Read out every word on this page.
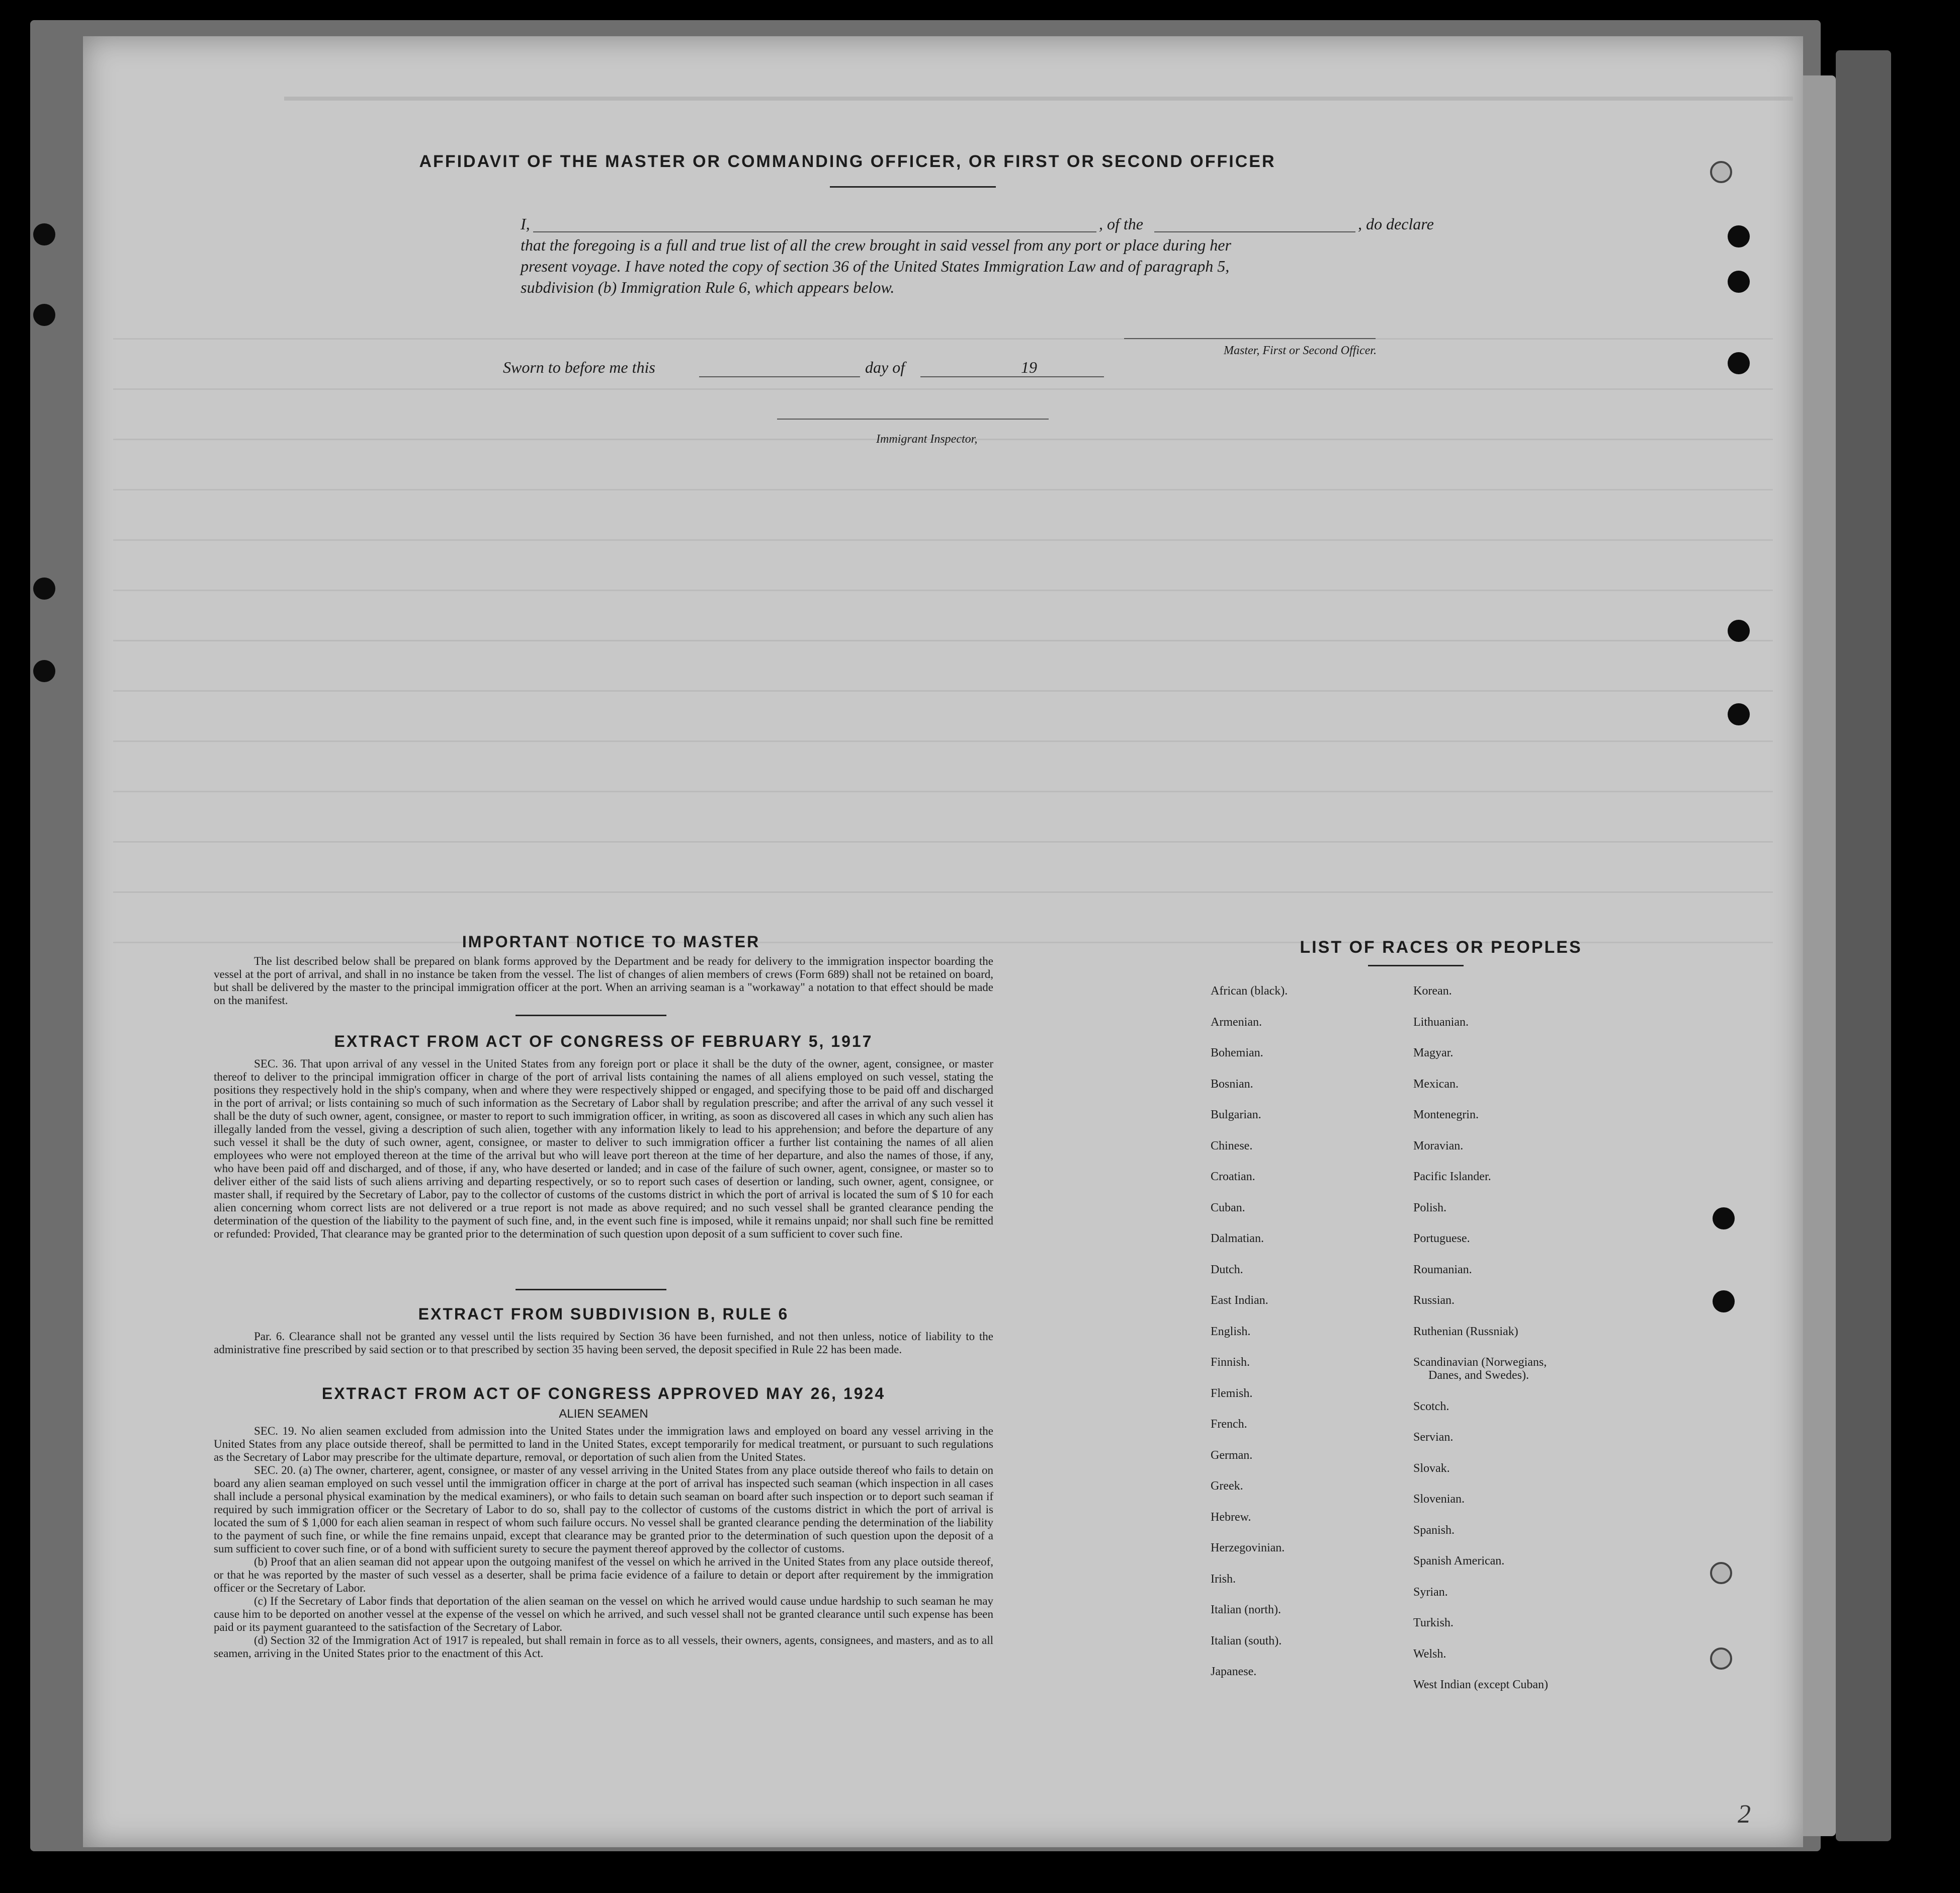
AFFIDAVIT OF THE MASTER OR COMMANDING OFFICER, OR FIRST OR SECOND OFFICER
I,	, of the	, do declare
that the foregoing is a full and true list of all the crew brought in said vessel from any port or place during her
present voyage. I have noted the copy of section 36 of the United States Immigration Law and of paragraph 5,
subdivision (b) Immigration Rule 6, which appears below.
Master, First or Second Officer.
Sworn to before me this	day of	19
Immigrant Inspector,
IMPORTANT NOTICE TO MASTER
The list described below shall be prepared on blank forms approved by the Department and be ready for delivery to the immigration inspector boarding the vessel at the port of arrival, and shall in no instance be taken from the vessel. The list of changes of alien members of crews (Form 689) shall not be retained on board, but shall be delivered by the master to the principal immigration officer at the port. When an arriving seaman is a "workaway" a notation to that effect should be made on the manifest.
EXTRACT FROM ACT OF CONGRESS OF FEBRUARY 5, 1917
SEC. 36. That upon arrival of any vessel in the United States from any foreign port or place it shall be the duty of the owner, agent, consignee, or master thereof to deliver to the principal immigration officer in charge of the port of arrival lists containing the names of all aliens employed on such vessel, stating the positions they respectively hold in the ship's company, when and where they were respectively shipped or engaged, and specifying those to be paid off and discharged in the port of arrival; or lists containing so much of such information as the Secretary of Labor shall by regulation prescribe; and after the arrival of any such vessel it shall be the duty of such owner, agent, consignee, or master to report to such immigration officer, in writing, as soon as discovered all cases in which any such alien has illegally landed from the vessel, giving a description of such alien, together with any information likely to lead to his apprehension; and before the departure of any such vessel it shall be the duty of such owner, agent, consignee, or master to deliver to such immigration officer a further list containing the names of all alien employees who were not employed thereon at the time of the arrival but who will leave port thereon at the time of her departure, and also the names of those, if any, who have been paid off and discharged, and of those, if any, who have deserted or landed; and in case of the failure of such owner, agent, consignee, or master so to deliver either of the said lists of such aliens arriving and departing respectively, or so to report such cases of desertion or landing, such owner, agent, consignee, or master shall, if required by the Secretary of Labor, pay to the collector of customs of the customs district in which the port of arrival is located the sum of $ 10 for each alien concerning whom correct lists are not delivered or a true report is not made as above required; and no such vessel shall be granted clearance pending the determination of the question of the liability to the payment of such fine, and, in the event such fine is imposed, while it remains unpaid; nor shall such fine be remitted or refunded: Provided, That clearance may be granted prior to the determination of such question upon deposit of a sum sufficient to cover such fine.
EXTRACT FROM SUBDIVISION B, RULE 6
Par. 6. Clearance shall not be granted any vessel until the lists required by Section 36 have been furnished, and not then unless, notice of liability to the administrative fine prescribed by said section or to that prescribed by section 35 having been served, the deposit specified in Rule 22 has been made.
EXTRACT FROM ACT OF CONGRESS APPROVED MAY 26, 1924
ALIEN SEAMEN
SEC. 19. No alien seamen excluded from admission into the United States under the immigration laws and employed on board any vessel arriving in the United States from any place outside thereof, shall be permitted to land in the United States, except temporarily for medical treatment, or pursuant to such regulations as the Secretary of Labor may prescribe for the ultimate departure, removal, or deportation of such alien from the United States.
SEC. 20. (a) The owner, charterer, agent, consignee, or master of any vessel arriving in the United States from any place outside thereof who fails to detain on board any alien seaman employed on such vessel until the immigration officer in charge at the port of arrival has inspected such seaman (which inspection in all cases shall include a personal physical examination by the medical examiners), or who fails to detain such seaman on board after such inspection or to deport such seaman if required by such immigration officer or the Secretary of Labor to do so, shall pay to the collector of customs of the customs district in which the port of arrival is located the sum of $ 1,000 for each alien seaman in respect of whom such failure occurs. No vessel shall be granted clearance pending the determination of the liability to the payment of such fine, or while the fine remains unpaid, except that clearance may be granted prior to the determination of such question upon the deposit of a sum sufficient to cover such fine, or of a bond with sufficient surety to secure the payment thereof approved by the collector of customs.
(b) Proof that an alien seaman did not appear upon the outgoing manifest of the vessel on which he arrived in the United States from any place outside thereof, or that he was reported by the master of such vessel as a deserter, shall be prima facie evidence of a failure to detain or deport after requirement by the immigration officer or the Secretary of Labor.
(c) If the Secretary of Labor finds that deportation of the alien seaman on the vessel on which he arrived would cause undue hardship to such seaman he may cause him to be deported on another vessel at the expense of the vessel on which he arrived, and such vessel shall not be granted clearance until such expense has been paid or its payment guaranteed to the satisfaction of the Secretary of Labor.
(d) Section 32 of the Immigration Act of 1917 is repealed, but shall remain in force as to all vessels, their owners, agents, consignees, and masters, and as to all seamen, arriving in the United States prior to the enactment of this Act.
LIST OF RACES OR PEOPLES
African (black).
Armenian.
Bohemian.
Bosnian.
Bulgarian.
Chinese.
Croatian.
Cuban.
Dalmatian.
Dutch.
East Indian.
English.
Finnish.
Flemish.
French.
German.
Greek.
Hebrew.
Herzegovinian.
Irish.
Italian (north).
Italian (south).
Japanese.
Korean.
Lithuanian.
Magyar.
Mexican.
Montenegrin.
Moravian.
Pacific Islander.
Polish.
Portuguese.
Roumanian.
Russian.
Ruthenian (Russniak)
Scandinavian (Norwegians,
Danes, and Swedes).
Scotch.
Servian.
Slovak.
Slovenian.
Spanish.
Spanish American.
Syrian.
Turkish.
Welsh.
West Indian (except Cuban)
2
